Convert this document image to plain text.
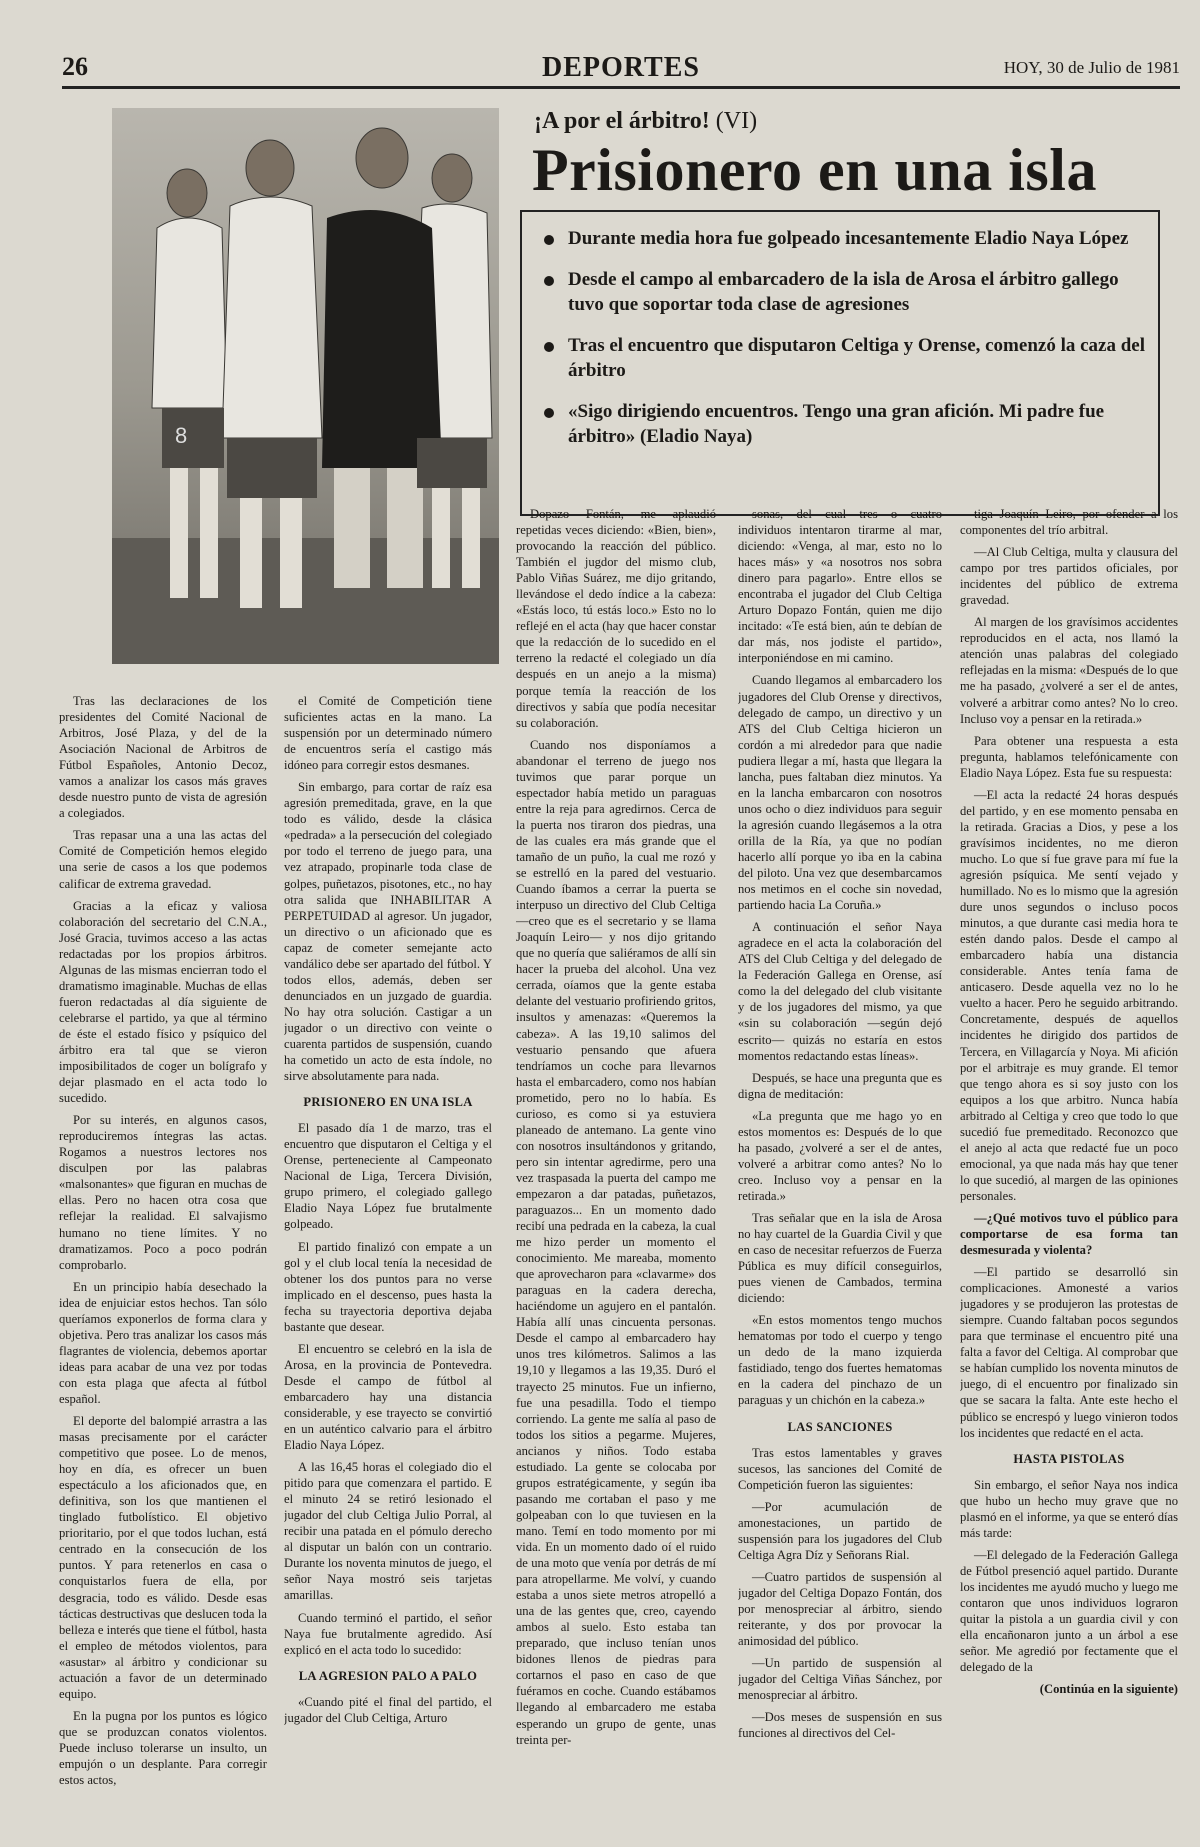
26	DEPORTES	HOY, 30 de Julio de 1981
8
¡A por el árbitro! (VI)
Prisionero en una isla
Durante media hora fue golpeado incesantemente Eladio Naya López
Desde el campo al embarcadero de la isla de Arosa el árbitro gallego tuvo que soportar toda clase de agresiones
Tras el encuentro que disputaron Celtiga y Orense, comenzó la caza del árbitro
«Sigo dirigiendo encuentros. Tengo una gran afición. Mi padre fue árbitro» (Eladio Naya)

Tras las declaraciones de los presidentes del Comité Nacional de Arbitros, José Plaza, y del de la Asociación Nacional de Arbitros de Fútbol Españoles, Antonio Decoz, vamos a analizar los casos más graves desde nuestro punto de vista de agresión a colegiados.

Tras repasar una a una las actas del Comité de Competición hemos elegido una serie de casos a los que podemos calificar de extrema gravedad.

Gracias a la eficaz y valiosa colaboración del secretario del C.N.A., José Gracia, tuvimos acceso a las actas redactadas por los propios árbitros. Algunas de las mismas encierran todo el dramatismo imaginable. Muchas de ellas fueron redactadas al día siguiente de celebrarse el partido, ya que al término de éste el estado físico y psíquico del árbitro era tal que se vieron imposibilitados de coger un bolígrafo y dejar plasmado en el acta todo lo sucedido.

Por su interés, en algunos casos, reproduciremos íntegras las actas. Rogamos a nuestros lectores nos disculpen por las palabras «malsonantes» que figuran en muchas de ellas. Pero no hacen otra cosa que reflejar la realidad. El salvajismo humano no tiene límites. Y no dramatizamos. Poco a poco podrán comprobarlo.

En un principio había desechado la idea de enjuiciar estos hechos. Tan sólo queríamos exponerlos de forma clara y objetiva. Pero tras analizar los casos más flagrantes de violencia, debemos aportar ideas para acabar de una vez por todas con esta plaga que afecta al fútbol español.

El deporte del balompié arrastra a las masas precisamente por el carácter competitivo que posee. Lo de menos, hoy en día, es ofrecer un buen espectáculo a los aficionados que, en definitiva, son los que mantienen el tinglado futbolístico. El objetivo prioritario, por el que todos luchan, está centrado en la consecución de los puntos. Y para retenerlos en casa o conquistarlos fuera de ella, por desgracia, todo es válido. Desde esas tácticas destructivas que deslucen toda la belleza e interés que tiene el fútbol, hasta el empleo de métodos violentos, para «asustar» al árbitro y condicionar su actuación a favor de un determinado equipo.

En la pugna por los puntos es lógico que se produzcan conatos violentos. Puede incluso tolerarse un insulto, un empujón o un desplante. Para corregir estos actos,

el Comité de Competición tiene suficientes actas en la mano. La suspensión por un determinado número de encuentros sería el castigo más idóneo para corregir estos desmanes.

Sin embargo, para cortar de raíz esa agresión premeditada, grave, en la que todo es válido, desde la clásica «pedrada» a la persecución del colegiado por todo el terreno de juego para, una vez atrapado, propinarle toda clase de golpes, puñetazos, pisotones, etc., no hay otra salida que INHABILITAR A PERPETUIDAD al agresor. Un jugador, un directivo o un aficionado que es capaz de cometer semejante acto vandálico debe ser apartado del fútbol. Y todos ellos, además, deben ser denunciados en un juzgado de guardia. No hay otra solución. Castigar a un jugador o un directivo con veinte o cuarenta partidos de suspensión, cuando ha cometido un acto de esta índole, no sirve absolutamente para nada.

PRISIONERO EN UNA ISLA

El pasado día 1 de marzo, tras el encuentro que disputaron el Celtiga y el Orense, perteneciente al Campeonato Nacional de Liga, Tercera División, grupo primero, el colegiado gallego Eladio Naya López fue brutalmente golpeado.

El partido finalizó con empate a un gol y el club local tenía la necesidad de obtener los dos puntos para no verse implicado en el descenso, pues hasta la fecha su trayectoria deportiva dejaba bastante que desear.

El encuentro se celebró en la isla de Arosa, en la provincia de Pontevedra. Desde el campo de fútbol al embarcadero hay una distancia considerable, y ese trayecto se convirtió en un auténtico calvario para el árbitro Eladio Naya López.

A las 16,45 horas el colegiado dio el pitido para que comenzara el partido. E el minuto 24 se retiró lesionado el jugador del club Celtiga Julio Porral, al recibir una patada en el pómulo derecho al disputar un balón con un contrario. Durante los noventa minutos de juego, el señor Naya mostró seis tarjetas amarillas.

Cuando terminó el partido, el señor Naya fue brutalmente agredido. Así explicó en el acta todo lo sucedido:

LA AGRESION PALO A PALO

«Cuando pité el final del partido, el jugador del Club Celtiga, Arturo

Dopazo Fontán, me aplaudió repetidas veces diciendo: «Bien, bien», provocando la reacción del público. También el jugdor del mismo club, Pablo Viñas Suárez, me dijo gritando, llevándose el dedo índice a la cabeza: «Estás loco, tú estás loco.» Esto no lo reflejé en el acta (hay que hacer constar que la redacción de lo sucedido en el terreno la redacté el colegiado un día después en un anejo a la misma) porque temía la reacción de los directivos y sabía que podía necesitar su colaboración.

Cuando nos disponíamos a abandonar el terreno de juego nos tuvimos que parar porque un espectador había metido un paraguas entre la reja para agredirnos. Cerca de la puerta nos tiraron dos piedras, una de las cuales era más grande que el tamaño de un puño, la cual me rozó y se estrelló en la pared del vestuario. Cuando íbamos a cerrar la puerta se interpuso un directivo del Club Celtiga —creo que es el secretario y se llama Joaquín Leiro— y nos dijo gritando que no quería que saliéramos de allí sin hacer la prueba del alcohol. Una vez cerrada, oíamos que la gente estaba delante del vestuario profiriendo gritos, insultos y amenazas: «Queremos la cabeza». A las 19,10 salimos del vestuario pensando que afuera tendríamos un coche para llevarnos hasta el embarcadero, como nos habían prometido, pero no lo había. Es curioso, es como si ya estuviera planeado de antemano. La gente vino con nosotros insultándonos y gritando, pero sin intentar agredirme, pero una vez traspasada la puerta del campo me empezaron a dar patadas, puñetazos, paraguazos... En un momento dado recibí una pedrada en la cabeza, la cual me hizo perder un momento el conocimiento. Me mareaba, momento que aprovecharon para «clavarme» dos paraguas en la cadera derecha, haciéndome un agujero en el pantalón. Había allí unas cincuenta personas. Desde el campo al embarcadero hay unos tres kilómetros. Salimos a las 19,10 y llegamos a las 19,35. Duró el trayecto 25 minutos. Fue un infierno, fue una pesadilla. Todo el tiempo corriendo. La gente me salía al paso de todos los sitios a pegarme. Mujeres, ancianos y niños. Todo estaba estudiado. La gente se colocaba por grupos estratégicamente, y según iba pasando me cortaban el paso y me golpeaban con lo que tuviesen en la mano. Temí en todo momento por mi vida. En un momento dado oí el ruido de una moto que venía por detrás de mí para atropellarme. Me volví, y cuando estaba a unos siete metros atropelló a una de las gentes que, creo, cayendo ambos al suelo. Esto estaba tan preparado, que incluso tenían unos bidones llenos de piedras para cortarnos el paso en caso de que fuéramos en coche. Cuando estábamos llegando al embarcadero me estaba esperando un grupo de gente, unas treinta per-

sonas, del cual tres o cuatro individuos intentaron tirarme al mar, diciendo: «Venga, al mar, esto no lo haces más» y «a nosotros nos sobra dinero para pagarlo». Entre ellos se encontraba el jugador del Club Celtiga Arturo Dopazo Fontán, quien me dijo incitado: «Te está bien, aún te debían de dar más, nos jodiste el partido», interponiéndose en mi camino.

Cuando llegamos al embarcadero los jugadores del Club Orense y directivos, delegado de campo, un directivo y un ATS del Club Celtiga hicieron un cordón a mi alrededor para que nadie pudiera llegar a mí, hasta que llegara la lancha, pues faltaban diez minutos. Ya en la lancha embarcaron con nosotros unos ocho o diez individuos para seguir la agresión cuando llegásemos a la otra orilla de la Ría, ya que no podían hacerlo allí porque yo iba en la cabina del piloto. Una vez que desembarcamos nos metimos en el coche sin novedad, partiendo hacia La Coruña.»

A continuación el señor Naya agradece en el acta la colaboración del ATS del Club Celtiga y del delegado de la Federación Gallega en Orense, así como la del delegado del club visitante y de los jugadores del mismo, ya que «sin su colaboración —según dejó escrito— quizás no estaría en estos momentos redactando estas líneas».

Después, se hace una pregunta que es digna de meditación:

«La pregunta que me hago yo en estos momentos es: Después de lo que ha pasado, ¿volveré a ser el de antes, volveré a arbitrar como antes? No lo creo. Incluso voy a pensar en la retirada.»

Tras señalar que en la isla de Arosa no hay cuartel de la Guardia Civil y que en caso de necesitar refuerzos de Fuerza Pública es muy difícil conseguirlos, pues vienen de Cambados, termina diciendo:

«En estos momentos tengo muchos hematomas por todo el cuerpo y tengo un dedo de la mano izquierda fastidiado, tengo dos fuertes hematomas en la cadera del pinchazo de un paraguas y un chichón en la cabeza.»

LAS SANCIONES

Tras estos lamentables y graves sucesos, las sanciones del Comité de Competición fueron las siguientes:

—Por acumulación de amonestaciones, un partido de suspensión para los jugadores del Club Celtiga Agra Díz y Señorans Rial.

—Cuatro partidos de suspensión al jugador del Celtiga Dopazo Fontán, dos por menospreciar al árbitro, siendo reiterante, y dos por provocar la animosidad del público.

—Un partido de suspensión al jugador del Celtiga Viñas Sánchez, por menospreciar al árbitro.

—Dos meses de suspensión en sus funciones al directivos del Cel-

tiga Joaquín Leiro, por ofender a los componentes del trío arbitral.

—Al Club Celtiga, multa y clausura del campo por tres partidos oficiales, por incidentes del público de extrema gravedad.

Al margen de los gravísimos accidentes reproducidos en el acta, nos llamó la atención unas palabras del colegiado reflejadas en la misma: «Después de lo que me ha pasado, ¿volveré a ser el de antes, volveré a arbitrar como antes? No lo creo. Incluso voy a pensar en la retirada.»

Para obtener una respuesta a esta pregunta, hablamos telefónicamente con Eladio Naya López. Esta fue su respuesta:

—El acta la redacté 24 horas después del partido, y en ese momento pensaba en la retirada. Gracias a Dios, y pese a los gravísimos incidentes, no me dieron mucho. Lo que sí fue grave para mí fue la agresión psíquica. Me sentí vejado y humillado. No es lo mismo que la agresión dure unos segundos o incluso pocos minutos, a que durante casi media hora te estén dando palos. Desde el campo al embarcadero había una distancia considerable. Antes tenía fama de anticasero. Desde aquella vez no lo he vuelto a hacer. Pero he seguido arbitrando. Concretamente, después de aquellos incidentes he dirigido dos partidos de Tercera, en Villagarcía y Noya. Mi afición por el arbitraje es muy grande. El temor que tengo ahora es si soy justo con los equipos a los que arbitro. Nunca había arbitrado al Celtiga y creo que todo lo que sucedió fue premeditado. Reconozco que el anejo al acta que redacté fue un poco emocional, ya que nada más hay que tener lo que sucedió, al margen de las opiniones personales.

—¿Qué motivos tuvo el público para comportarse de esa forma tan desmesurada y violenta?

—El partido se desarrolló sin complicaciones. Amonesté a varios jugadores y se produjeron las protestas de siempre. Cuando faltaban pocos segundos para que terminase el encuentro pité una falta a favor del Celtiga. Al comprobar que se habían cumplido los noventa minutos de juego, di el encuentro por finalizado sin que se sacara la falta. Ante este hecho el público se encrespó y luego vinieron todos los incidentes que redacté en el acta.

HASTA PISTOLAS

Sin embargo, el señor Naya nos indica que hubo un hecho muy grave que no plasmó en el informe, ya que se enteró días más tarde:

—El delegado de la Federación Gallega de Fútbol presenció aquel partido. Durante los incidentes me ayudó mucho y luego me contaron que unos individuos lograron quitar la pistola a un guardia civil y con ella encañonaron junto a un árbol a ese señor. Me agredió por fectamente que el delegado de la

(Continúa en la siguiente)
